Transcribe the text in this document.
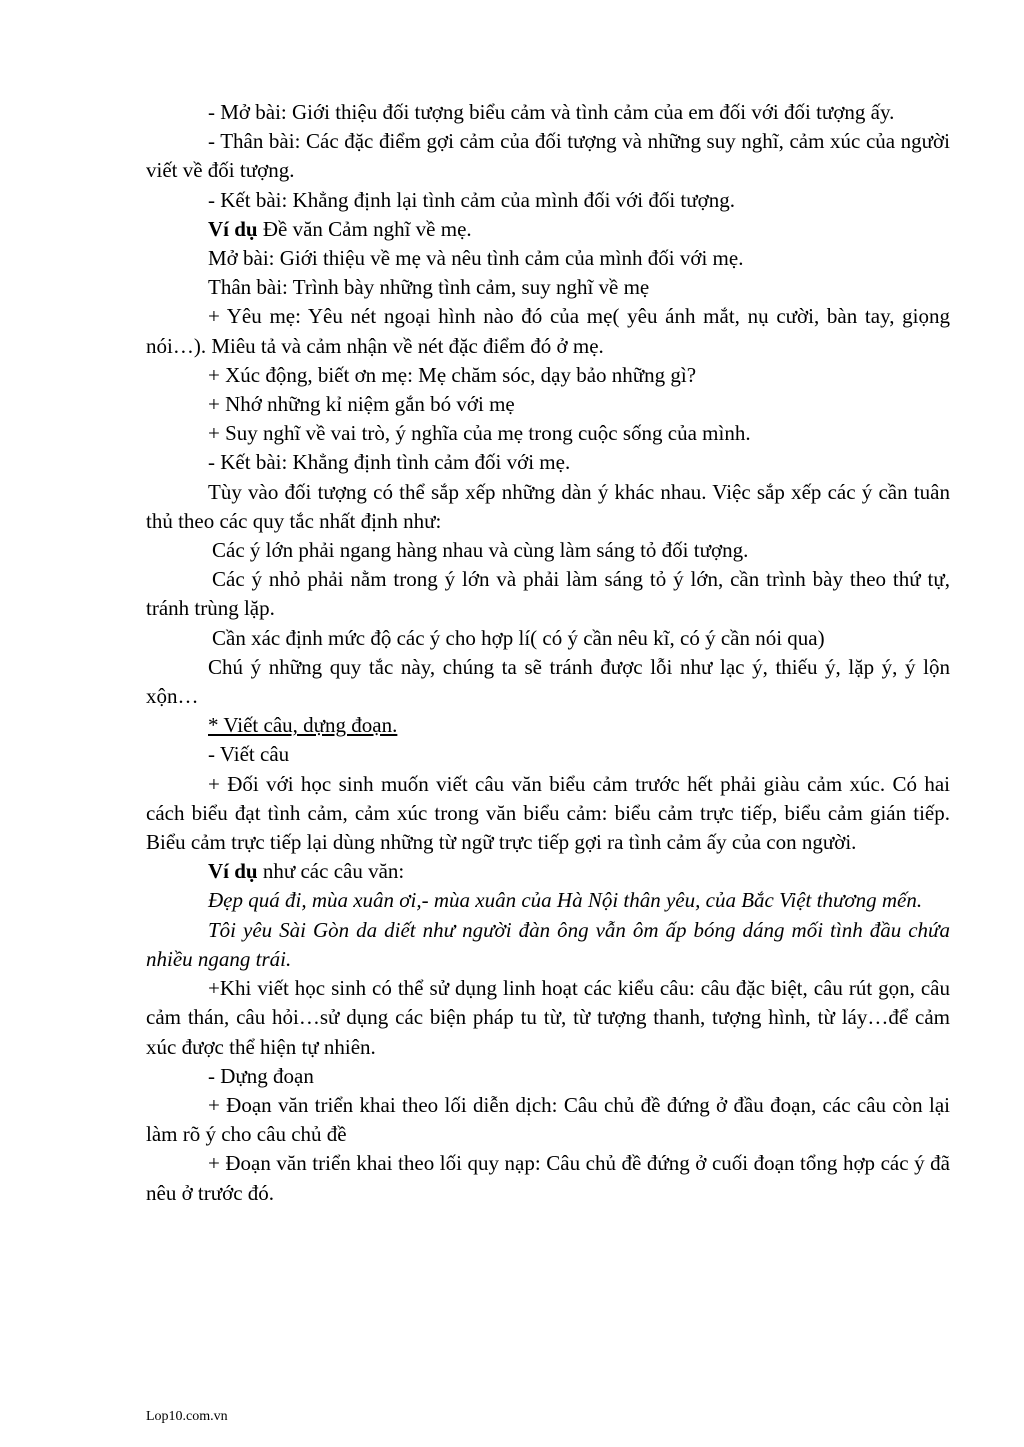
- Mở bài: Giới thiệu đối tượng biểu cảm và tình cảm của em đối với đối tượng ấy.

- Thân bài: Các đặc điểm gợi cảm của đối tượng và những suy nghĩ, cảm xúc của người viết về đối tượng.

- Kết bài: Khẳng định lại tình cảm của mình đối với đối tượng.

Ví dụ Đề văn Cảm nghĩ về mẹ.

Mở bài: Giới thiệu về mẹ và nêu tình cảm của mình đối với mẹ.

Thân bài: Trình bày những tình cảm, suy nghĩ về mẹ

+ Yêu mẹ: Yêu nét ngoại hình nào đó của mẹ( yêu ánh mắt, nụ cười, bàn tay, giọng nói…). Miêu tả và cảm nhận về nét đặc điểm đó ở mẹ.

+ Xúc động, biết ơn mẹ: Mẹ chăm sóc, dạy bảo những gì?

+ Nhớ những kỉ niệm gắn bó với mẹ

+ Suy nghĩ về vai trò, ý nghĩa của mẹ trong cuộc sống của mình.

- Kết bài: Khẳng định tình cảm đối với mẹ.

Tùy vào đối tượng có thể sắp xếp những dàn ý khác nhau. Việc sắp xếp các ý cần tuân thủ theo các quy tắc nhất định như:

Các ý lớn phải ngang hàng nhau và cùng làm sáng tỏ đối tượng.

Các ý nhỏ phải nằm trong ý lớn và phải làm sáng tỏ ý lớn, cần trình bày theo thứ tự, tránh trùng lặp.

Cần xác định mức độ các ý cho hợp lí( có ý cần nêu kĩ, có ý cần nói qua)

Chú ý những quy tắc này, chúng ta sẽ tránh được lỗi như lạc ý, thiếu ý, lặp ý, ý lộn xộn…

* Viết câu, dựng đoạn.

- Viết câu

+ Đối với học sinh muốn viết câu văn biểu cảm trước hết phải giàu cảm xúc. Có hai cách biểu đạt tình cảm, cảm xúc trong văn biểu cảm: biểu cảm trực tiếp, biểu cảm gián tiếp. Biểu cảm trực tiếp lại dùng những từ ngữ trực tiếp gợi ra tình cảm ấy của con người.

Ví dụ như các câu văn:

Đẹp quá đi, mùa xuân ơi,- mùa xuân của Hà Nội thân yêu, của Bắc Việt thương mến.

Tôi yêu Sài Gòn da diết như người đàn ông vẫn ôm ấp bóng dáng mối tình đầu chứa nhiều ngang trái.

+Khi viết học sinh có thể sử dụng linh hoạt các kiểu câu: câu đặc biệt, câu rút gọn, câu cảm thán, câu hỏi…sử dụng các biện pháp tu từ, từ tượng thanh, tượng hình, từ láy…để cảm xúc được thể hiện tự nhiên.

- Dựng đoạn

+ Đoạn văn triển khai theo lối diễn dịch: Câu chủ đề đứng ở đầu đoạn, các câu còn lại làm rõ ý cho câu chủ đề

+ Đoạn văn triển khai theo lối quy nạp: Câu chủ đề đứng ở cuối đoạn tổng hợp các ý đã nêu ở trước đó.

Lop10.com.vn
